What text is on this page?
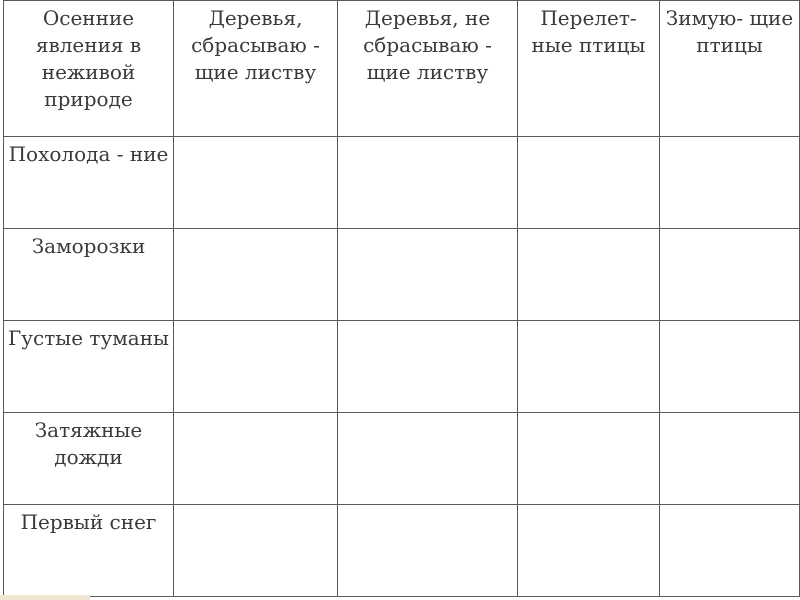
Осенние явления в неживой природе	Деревья, сбрасываю - щие листву	Деревья, не сбрасываю - щие листву	Перелет- ные птицы	Зимую- щие птицы
Похолода - ние				
Заморозки				
Густые туманы				
Затяжные дожди				
Первый снег				
